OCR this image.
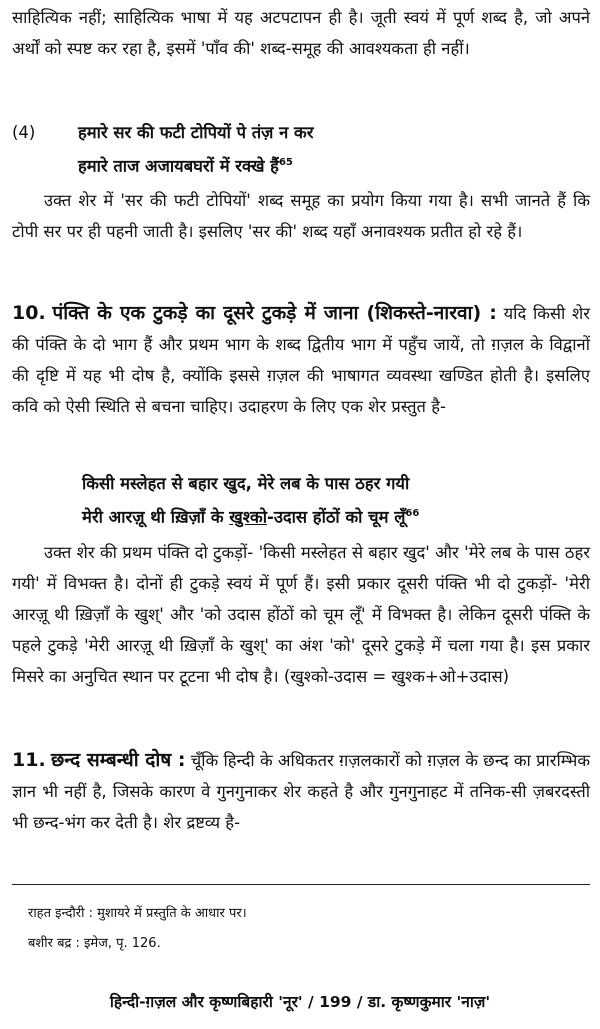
साहित्यिक नहीं; साहित्यिक भाषा में यह अटपटापन ही है। जूती स्वयं में पूर्ण शब्द है, जो अपने अर्थों को स्पष्ट कर रहा है, इसमें 'पाँव की' शब्द-समूह की आवश्यकता ही नहीं।

(4)	हमारे सर की फटी टोपियों पे तंज़ न कर
हमारे ताज अजायबघरों में रक्खे हैं$^{65}$

उक्त शेर में 'सर की फटी टोपियों' शब्द समूह का प्रयोग किया गया है। सभी जानते हैं कि टोपी सर पर ही पहनी जाती है। इसलिए 'सर की' शब्द यहाँ अनावश्यक प्रतीत हो रहे हैं।

10. पंक्ति के एक टुकड़े का दूसरे टुकड़े में जाना (शिकस्ते-नारवा) : यदि किसी शेर की पंक्ति के दो भाग हैं और प्रथम भाग के शब्द द्वितीय भाग में पहुँच जायें, तो ग़ज़ल के विद्वानों की दृष्टि में यह भी दोष है, क्योंकि इससे ग़ज़ल की भाषागत व्यवस्था खण्डित होती है। इसलिए कवि को ऐसी स्थिति से बचना चाहिए। उदाहरण के लिए एक शेर प्रस्तुत है-

किसी मस्लेहत से बहार खुद, मेरे लब के पास ठहर गयी
मेरी आरज़ू थी ख़िज़ाँ के खुश्को-उदास होंठों को चूम लूँ$^{66}$

उक्त शेर की प्रथम पंक्ति दो टुकड़ों- 'किसी मस्लेहत से बहार खुद' और 'मेरे लब के पास ठहर गयी' में विभक्त है। दोनों ही टुकड़े स्वयं में पूर्ण हैं। इसी प्रकार दूसरी पंक्ति भी दो टुकड़ों- 'मेरी आरज़ू थी ख़िज़ाँ के खुश्' और 'को उदास होंठों को चूम लूँ' में विभक्त है। लेकिन दूसरी पंक्ति के पहले टुकड़े 'मेरी आरज़ू थी ख़िज़ाँ के खुश्' का अंश 'को' दूसरे टुकड़े में चला गया है। इस प्रकार मिसरे का अनुचित स्थान पर टूटना भी दोष है। (खुश्को-उदास = खुश्क+ओ+उदास)

11. छन्द सम्बन्धी दोष : चूँकि हिन्दी के अधिकतर ग़ज़लकारों को ग़ज़ल के छन्द का प्रारम्भिक ज्ञान भी नहीं है, जिसके कारण वे गुनगुनाकर शेर कहते है और गुनगुनाहट में तनिक-सी ज़बरदस्ती भी छन्द-भंग कर देती है। शेर द्रष्टव्य है-

राहत इन्दौरी : मुशायरे में प्रस्तुति के आधार पर।
बशीर बद्र : इमेज, पृ. 126.
हिन्दी-ग़ज़ल और कृष्णबिहारी 'नूर' / 199 / डा. कृष्णकुमार 'नाज़'
